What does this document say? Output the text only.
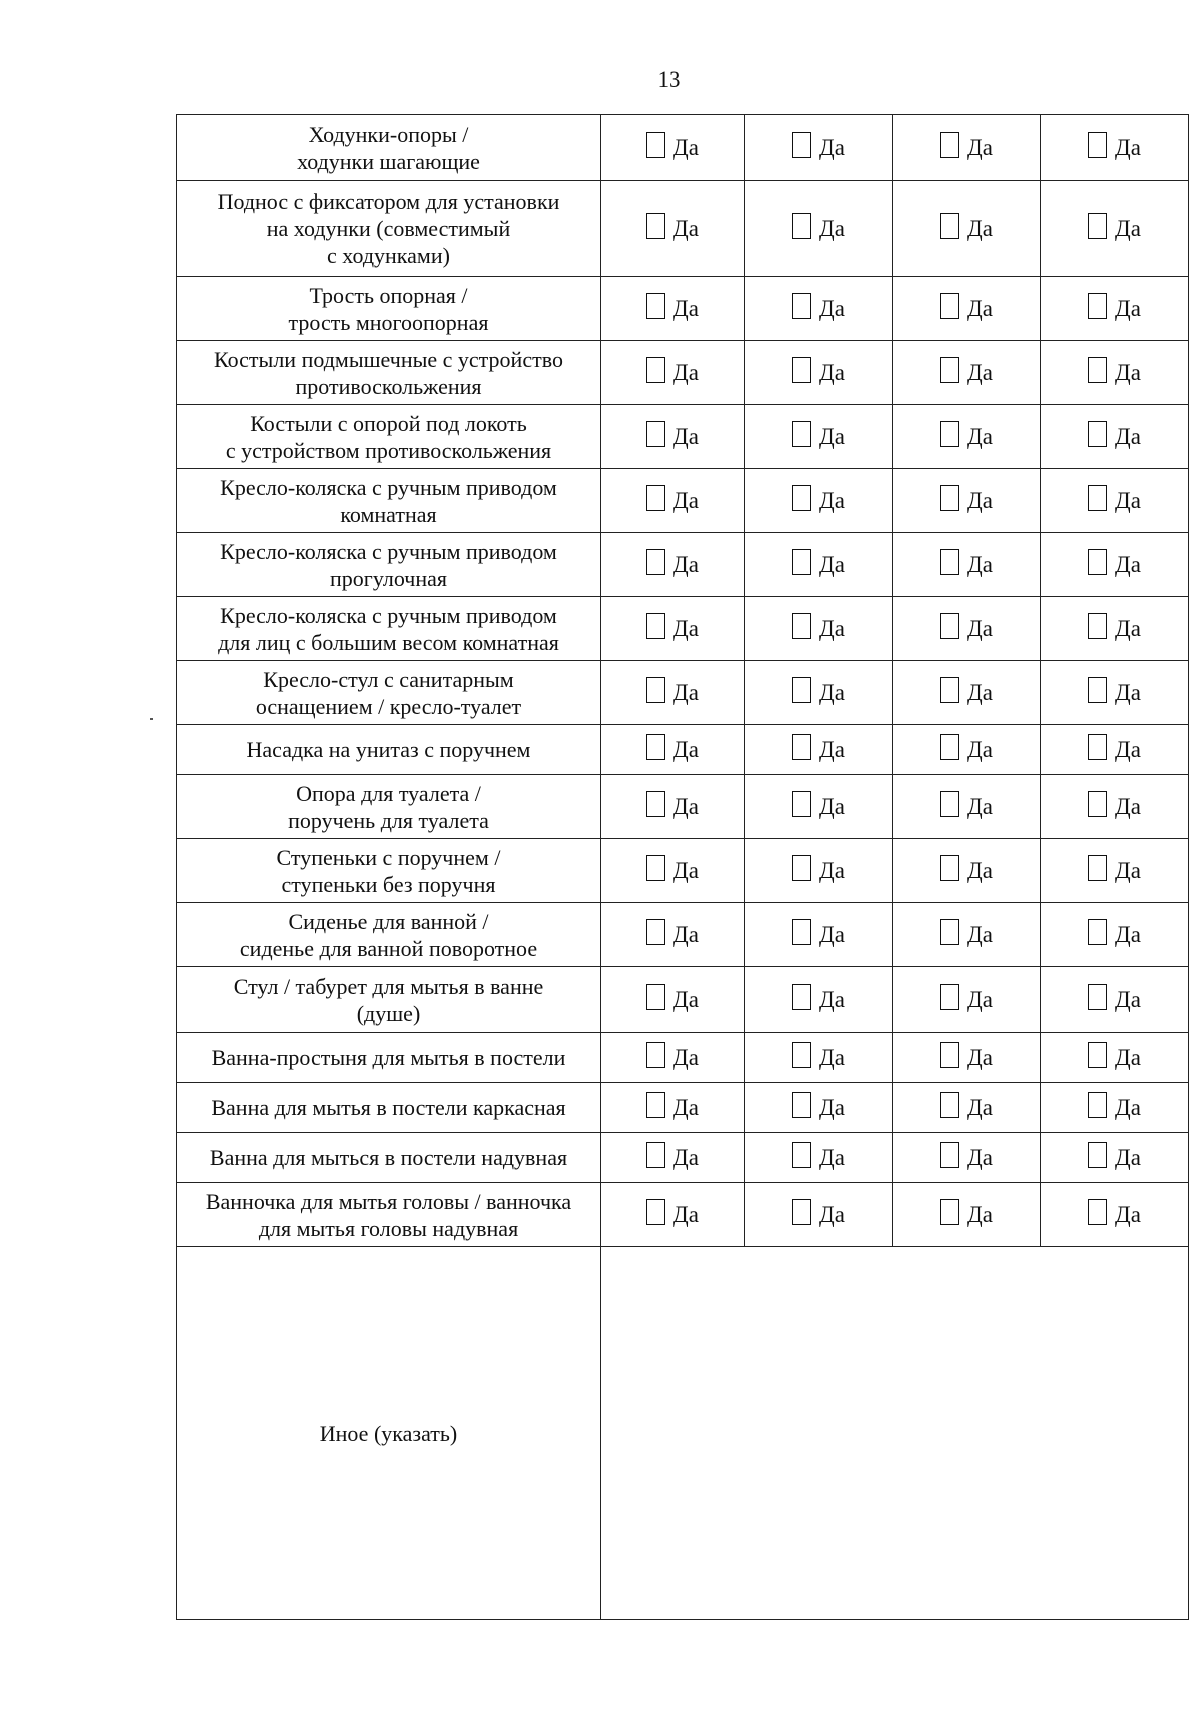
13
Ходунки-опоры /
ходунки шагающие	Да	Да	Да	Да

Поднос с фиксатором для установки
на ходунки (совместимый
с ходунками)	Да	Да	Да	Да

Трость опорная /
трость многоопорная	Да	Да	Да	Да

Костыли подмышечные с устройство
противоскольжения	Да	Да	Да	Да

Костыли с опорой под локоть
с устройством противоскольжения	Да	Да	Да	Да

Кресло-коляска с ручным приводом
комнатная	Да	Да	Да	Да

Кресло-коляска с ручным приводом
прогулочная	Да	Да	Да	Да

Кресло-коляска с ручным приводом
для лиц с большим весом комнатная	Да	Да	Да	Да

Кресло-стул с санитарным
оснащением / кресло-туалет	Да	Да	Да	Да

Насадка на унитаз с поручнем	Да	Да	Да	Да

Опора для туалета /
поручень для туалета	Да	Да	Да	Да

Ступеньки с поручнем /
ступеньки без поручня	Да	Да	Да	Да

Сиденье для ванной /
сиденье для ванной поворотное	Да	Да	Да	Да

Стул / табурет для мытья в ванне
(душе)	Да	Да	Да	Да

Ванна-простыня для мытья в постели	Да	Да	Да	Да

Ванна для мытья в постели каркасная	Да	Да	Да	Да

Ванна для мыться в постели надувная	Да	Да	Да	Да

Ванночка для мытья головы / ванночка
для мытья головы надувная	Да	Да	Да	Да

Иное (указать)				
